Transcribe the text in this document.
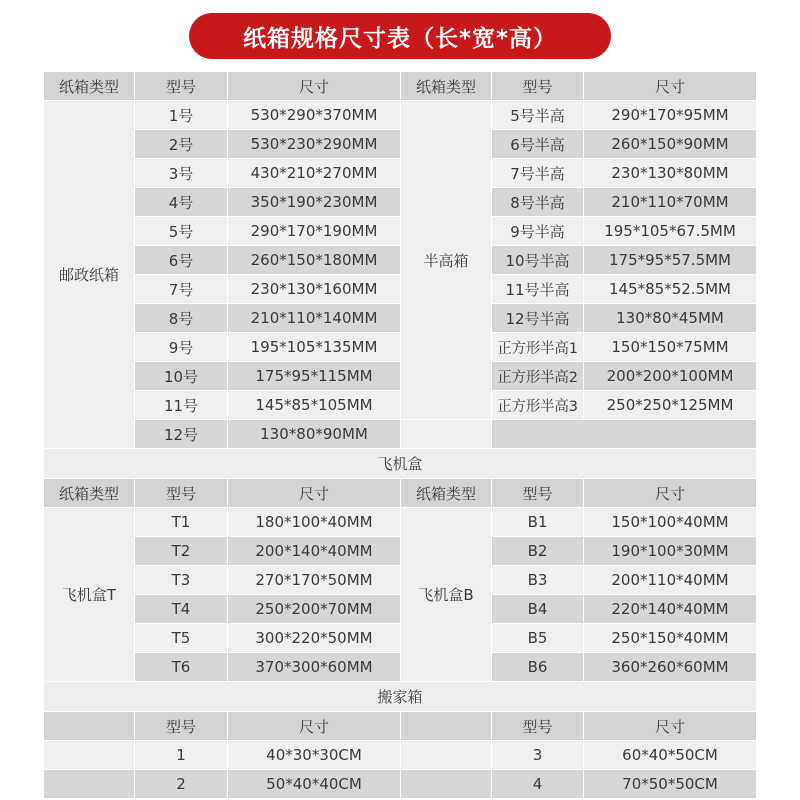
纸箱规格尺寸表（长*宽*高）
纸箱类型	型号	尺寸	纸箱类型	型号	尺寸
邮政纸箱
半高箱
1号	530*290*370MM	5号半高	290*170*95MM
2号	530*230*290MM	6号半高	260*150*90MM
3号	430*210*270MM	7号半高	230*130*80MM
4号	350*190*230MM	8号半高	210*110*70MM
5号	290*170*190MM	9号半高	195*105*67.5MM
6号	260*150*180MM	10号半高	175*95*57.5MM
7号	230*130*160MM	11号半高	145*85*52.5MM
8号	210*110*140MM	12号半高	130*80*45MM
9号	195*105*135MM	正方形半高1	150*150*75MM
10号	175*95*115MM	正方形半高2	200*200*100MM
11号	145*85*105MM	正方形半高3	250*250*125MM
12号	130*80*90MM
飞机盒
纸箱类型	型号	尺寸	纸箱类型	型号	尺寸
飞机盒T	飞机盒B
T1	180*100*40MM	B1	150*100*40MM
T2	200*140*40MM	B2	190*100*30MM
T3	270*170*50MM	B3	200*110*40MM
T4	250*200*70MM	B4	220*140*40MM
T5	300*220*50MM	B5	250*150*40MM
T6	370*300*60MM	B6	360*260*60MM
搬家箱
型号	尺寸	型号	尺寸
1	40*30*30CM	3	60*40*50CM
2	50*40*40CM	4	70*50*50CM
